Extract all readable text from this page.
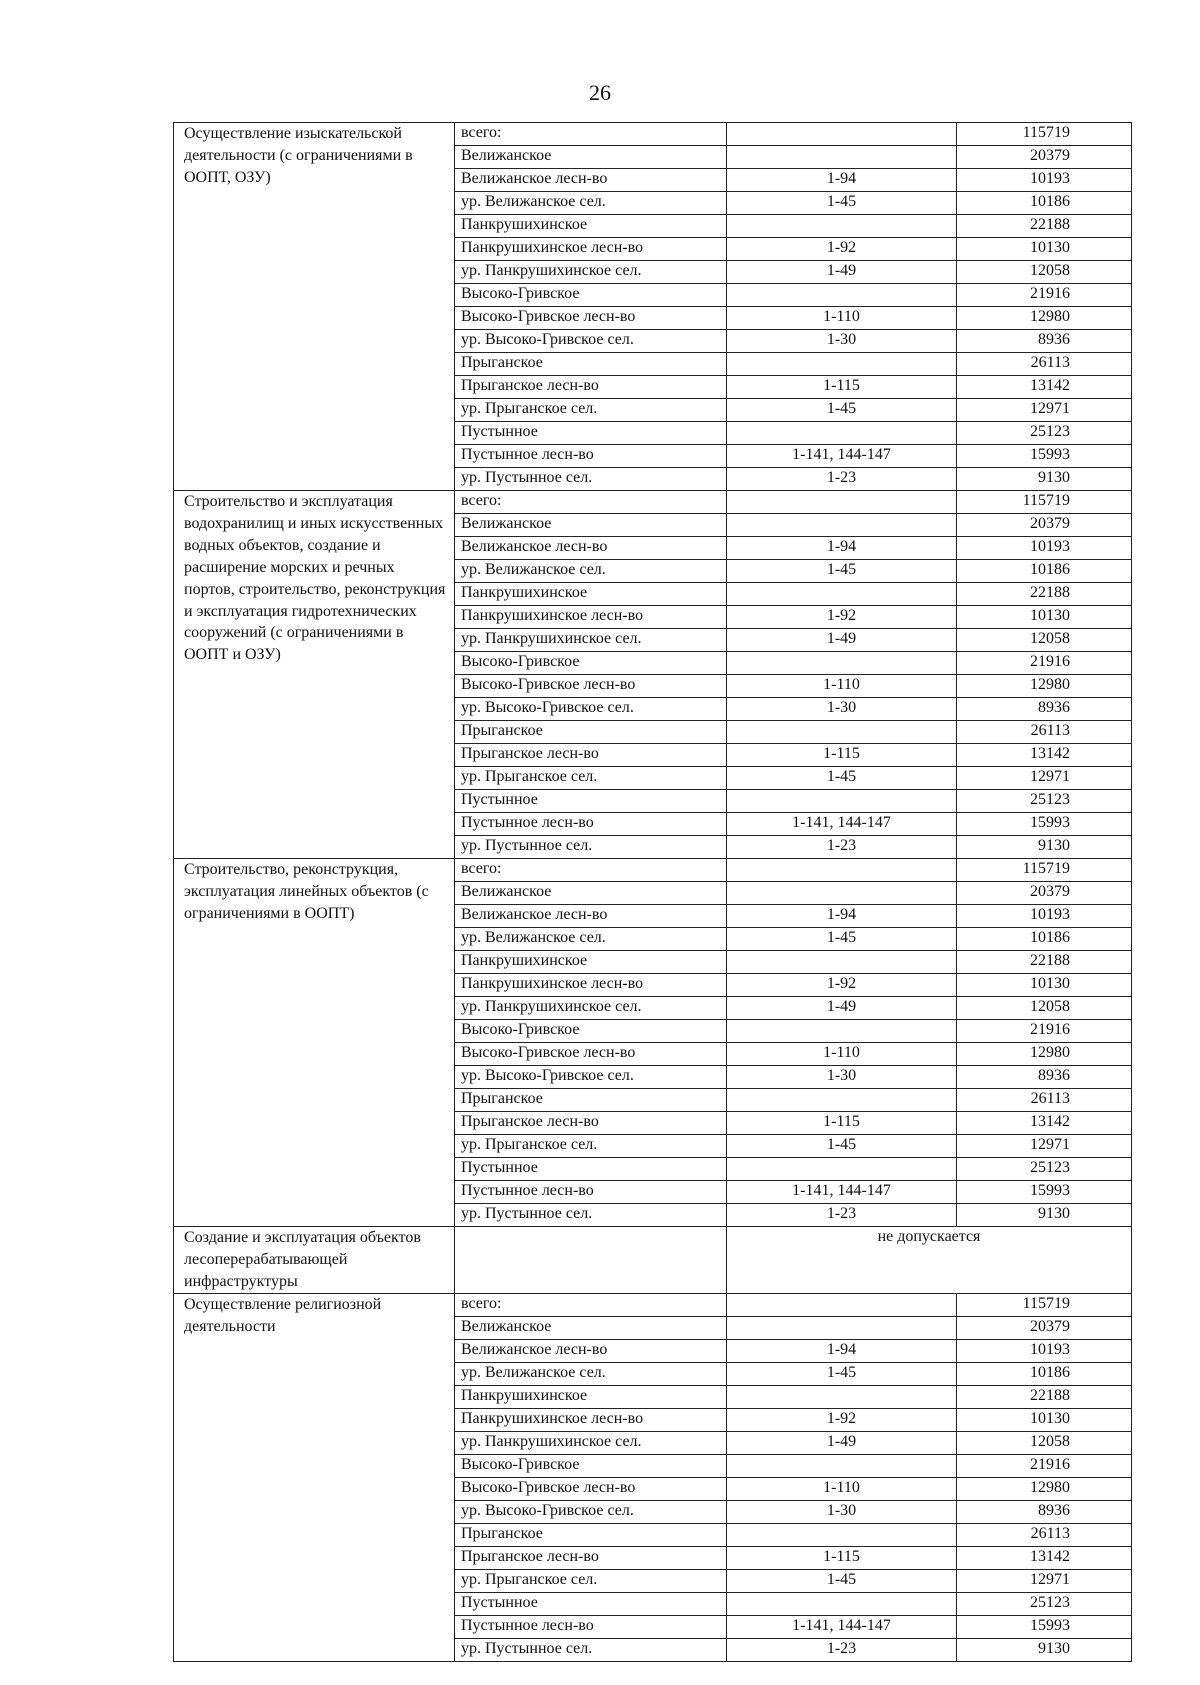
26
Осуществление изыскательской деятельности (с ограничениями в ООПТ, ОЗУ)	всего:		115719
	Велижанское		20379
	Велижанское лесн-во	1-94	10193
	ур. Велижанское сел.	1-45	10186
	Панкрушихинское		22188
	Панкрушихинское лесн-во	1-92	10130
	ур. Панкрушихинское сел.	1-49	12058
	Высоко-Гривское		21916
	Высоко-Гривское лесн-во	1-110	12980
	ур. Высоко-Гривское сел.	1-30	8936
	Прыганское		26113
	Прыганское лесн-во	1-115	13142
	ур. Прыганское сел.	1-45	12971
	Пустынное		25123
	Пустынное лесн-во	1-141, 144-147	15993
	ур. Пустынное сел.	1-23	9130
Строительство и эксплуатация водохранилищ и иных искусственных водных объектов, создание и расширение морских и речных портов, строительство, реконструкция и эксплуатация гидротехнических сооружений (с ограничениями в ООПТ и ОЗУ)	всего:		115719
	Велижанское		20379
	Велижанское лесн-во	1-94	10193
	ур. Велижанское сел.	1-45	10186
	Панкрушихинское		22188
	Панкрушихинское лесн-во	1-92	10130
	ур. Панкрушихинское сел.	1-49	12058
	Высоко-Гривское		21916
	Высоко-Гривское лесн-во	1-110	12980
	ур. Высоко-Гривское сел.	1-30	8936
	Прыганское		26113
	Прыганское лесн-во	1-115	13142
	ур. Прыганское сел.	1-45	12971
	Пустынное		25123
	Пустынное лесн-во	1-141, 144-147	15993
	ур. Пустынное сел.	1-23	9130
Строительство, реконструкция, эксплуатация линейных объектов (с ограничениями в ООПТ)	всего:		115719
	Велижанское		20379
	Велижанское лесн-во	1-94	10193
	ур. Велижанское сел.	1-45	10186
	Панкрушихинское		22188
	Панкрушихинское лесн-во	1-92	10130
	ур. Панкрушихинское сел.	1-49	12058
	Высоко-Гривское		21916
	Высоко-Гривское лесн-во	1-110	12980
	ур. Высоко-Гривское сел.	1-30	8936
	Прыганское		26113
	Прыганское лесн-во	1-115	13142
	ур. Прыганское сел.	1-45	12971
	Пустынное		25123
	Пустынное лесн-во	1-141, 144-147	15993
	ур. Пустынное сел.	1-23	9130
Создание и эксплуатация объектов лесоперерабатывающей инфраструктуры		не допускается	
Осуществление религиозной деятельности	всего:		115719
	Велижанское		20379
	Велижанское лесн-во	1-94	10193
	ур. Велижанское сел.	1-45	10186
	Панкрушихинское		22188
	Панкрушихинское лесн-во	1-92	10130
	ур. Панкрушихинское сел.	1-49	12058
	Высоко-Гривское		21916
	Высоко-Гривское лесн-во	1-110	12980
	ур. Высоко-Гривское сел.	1-30	8936
	Прыганское		26113
	Прыганское лесн-во	1-115	13142
	ур. Прыганское сел.	1-45	12971
	Пустынное		25123
	Пустынное лесн-во	1-141, 144-147	15993
	ур. Пустынное сел.	1-23	9130
